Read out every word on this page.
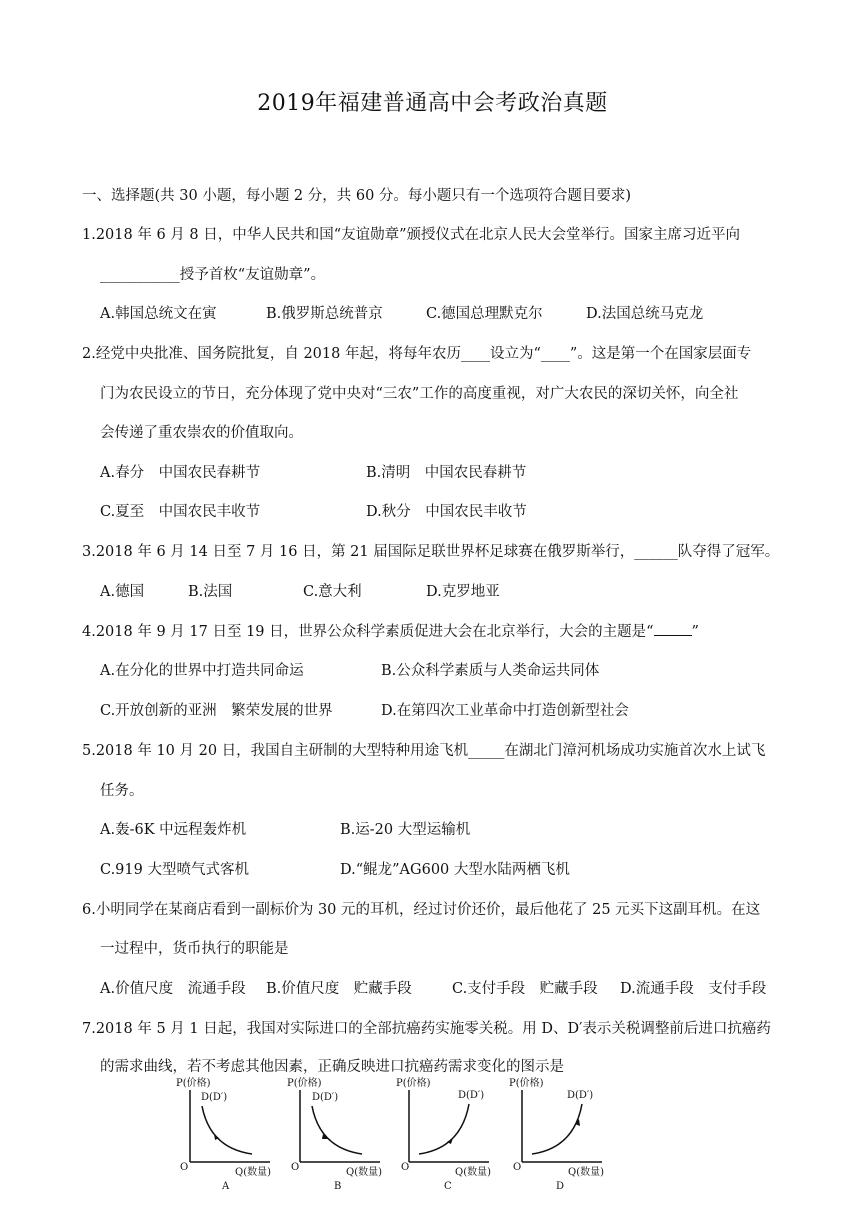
2019年福建普通高中会考政治真题
一、选择题(共 30 小题，每小题 2 分，共 60 分。每小题只有一个选项符合题目要求)
1.2018 年 6 月 8 日，中华人民共和国“友谊勋章”颁授仪式在北京人民大会堂举行。国家主席习近平向
___________授予首枚“友谊勋章”。
A.韩国总统文在寅	B.俄罗斯总统普京	C.德国总理默克尔	D.法国总统马克龙
2.经党中央批准、国务院批复，自 2018 年起，将每年农历____设立为“____”。这是第一个在国家层面专
门为农民设立的节日，充分体现了党中央对“三农”工作的高度重视，对广大农民的深切关怀，向全社
会传递了重农崇农的价值取向。
A.春分　中国农民春耕节	B.清明　中国农民春耕节
C.夏至　中国农民丰收节	D.秋分　中国农民丰收节
3.2018 年 6 月 14 日至 7 月 16 日，第 21 届国际足联世界杯足球赛在俄罗斯举行，______队夺得了冠军。
A.德国	B.法国	C.意大利	D.克罗地亚
4.2018 年 9 月 17 日至 19 日，世界公众科学素质促进大会在北京举行，大会的主题是“	”
A.在分化的世界中打造共同命运	B.公众科学素质与人类命运共同体
C.开放创新的亚洲　繁荣发展的世界	D.在第四次工业革命中打造创新型社会
5.2018 年 10 月 20 日，我国自主研制的大型特种用途飞机_____在湖北门漳河机场成功实施首次水上试飞
任务。
A.轰-6K 中远程轰炸机	B.运-20 大型运输机
C.919 大型喷气式客机	D.“鲲龙”AG600 大型水陆两栖飞机
6.小明同学在某商店看到一副标价为 30 元的耳机，经过讨价还价，最后他花了 25 元买下这副耳机。在这
一过程中，货币执行的职能是
A.价值尺度　流通手段 B.价值尺度　贮藏手段	C.支付手段　贮藏手段 D.流通手段　支付手段
7.2018 年 5 月 1 日起，我国对实际进口的全部抗癌药实施零关税。用 D、D′表示关税调整前后进口抗癌药
的需求曲线，若不考虑其他因素，正确反映进口抗癌药需求变化的图示是
P(价格)
D(D′)
O	Q(数量)
A
P(价格)
D(D′)
O	Q(数量)
B
P(价格)
D(D′)
O	Q(数量)
C
P(价格)
D(D′)
O	Q(数量)
D
